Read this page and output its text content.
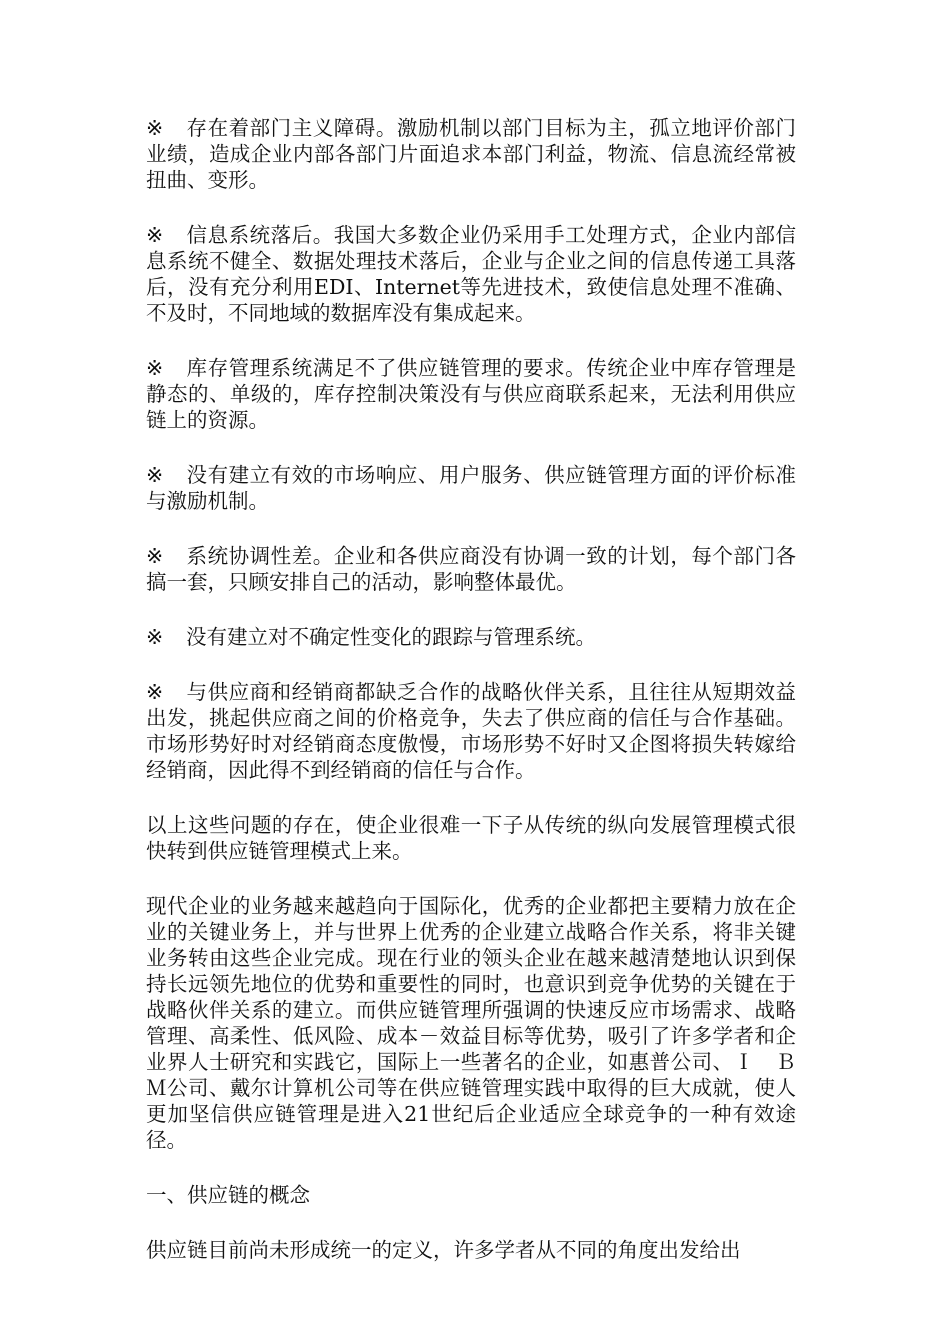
※ 存在着部门主义障碍。激励机制以部门目标为主，孤立地评价部门业绩，造成企业内部各部门片面追求本部门利益，物流、信息流经常被扭曲、变形。

※ 信息系统落后。我国大多数企业仍采用手工处理方式，企业内部信息系统不健全、数据处理技术落后，企业与企业之间的信息传递工具落后，没有充分利用EDI、Internet等先进技术，致使信息处理不准确、不及时，不同地域的数据库没有集成起来。

※ 库存管理系统满足不了供应链管理的要求。传统企业中库存管理是静态的、单级的，库存控制决策没有与供应商联系起来，无法利用供应链上的资源。

※ 没有建立有效的市场响应、用户服务、供应链管理方面的评价标准与激励机制。

※ 系统协调性差。企业和各供应商没有协调一致的计划，每个部门各搞一套，只顾安排自己的活动，影响整体最优。

※ 没有建立对不确定性变化的跟踪与管理系统。

※ 与供应商和经销商都缺乏合作的战略伙伴关系，且往往从短期效益出发，挑起供应商之间的价格竞争，失去了供应商的信任与合作基础。市场形势好时对经销商态度傲慢，市场形势不好时又企图将损失转嫁给经销商，因此得不到经销商的信任与合作。

以上这些问题的存在，使企业很难一下子从传统的纵向发展管理模式很快转到供应链管理模式上来。

现代企业的业务越来越趋向于国际化，优秀的企业都把主要精力放在企业的关键业务上，并与世界上优秀的企业建立战略合作关系，将非关键业务转由这些企业完成。现在行业的领头企业在越来越清楚地认识到保持长远领先地位的优势和重要性的同时，也意识到竞争优势的关键在于战略伙伴关系的建立。而供应链管理所强调的快速反应市场需求、战略管理、高柔性、低风险、成本－效益目标等优势，吸引了许多学者和企业界人士研究和实践它，国际上一些著名的企业，如惠普公司、Ｉ　Ｂ　Ｍ公司、戴尔计算机公司等在供应链管理实践中取得的巨大成就，使人更加坚信供应链管理是进入21世纪后企业适应全球竞争的一种有效途径。

一、供应链的概念

供应链目前尚未形成统一的定义，许多学者从不同的角度出发给出
